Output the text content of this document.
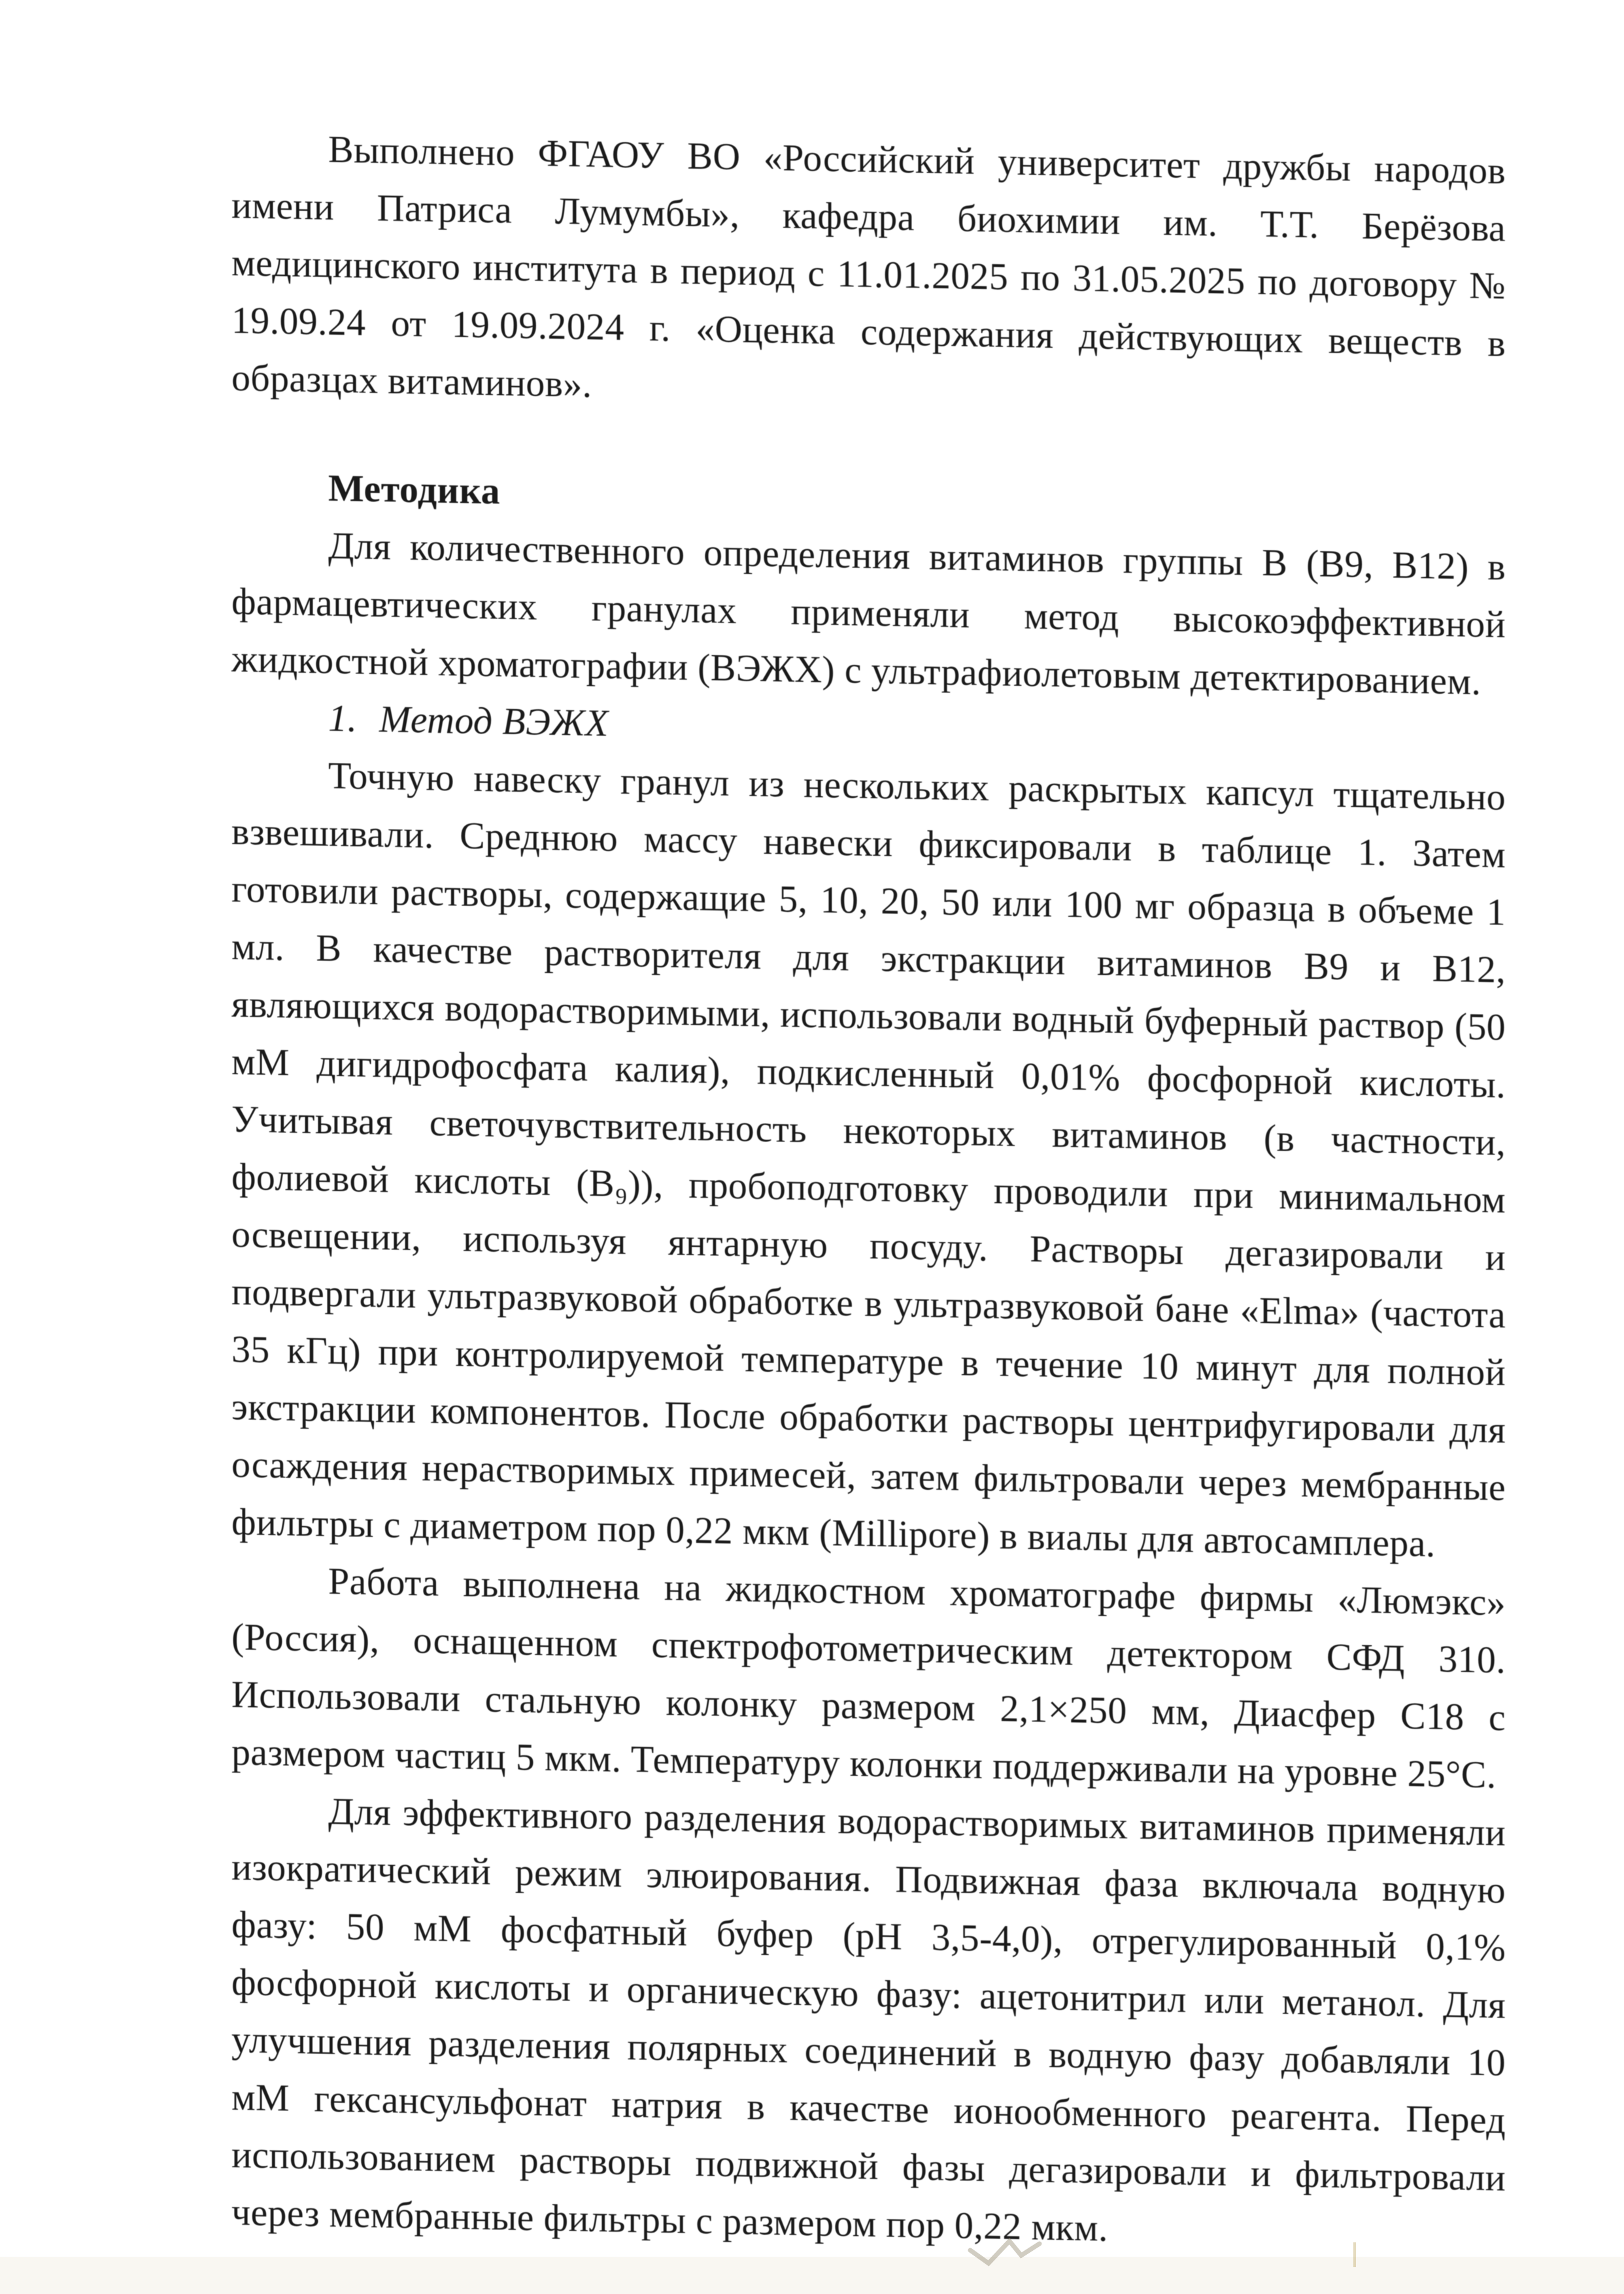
Выполнено ФГАОУ ВО «Российский университет дружбы народов имени Патриса Лумумбы», кафедра биохимии им. Т.Т. Берёзова медицинского института в период с 11.01.2025 по 31.05.2025 по договору № 19.09.24 от 19.09.2024 г. «Оценка содержания действующих веществ в образцах витаминов».

Методика

Для количественного определения витаминов группы В (В9, В12) в фармацевтических гранулах применяли метод высокоэффективной жидкостной хроматографии (ВЭЖХ) с ультрафиолетовым детектированием.

1. Метод ВЭЖХ

Точную навеску гранул из нескольких раскрытых капсул тщательно взвешивали. Среднюю массу навески фиксировали в таблице 1. Затем готовили растворы, содержащие 5, 10, 20, 50 или 100 мг образца в объеме 1 мл. В качестве растворителя для экстракции витаминов В9 и В12, являющихся водорастворимыми, использовали водный буферный раствор (50 мМ дигидрофосфата калия), подкисленный 0,01% фосфорной кислоты. Учитывая светочувствительность некоторых витаминов (в частности, фолиевой кислоты (В₉)), пробоподготовку проводили при минимальном освещении, используя янтарную посуду. Растворы дегазировали и подвергали ультразвуковой обработке в ультразвуковой бане «Elma» (частота 35 кГц) при контролируемой температуре в течение 10 минут для полной экстракции компонентов. После обработки растворы центрифугировали для осаждения нерастворимых примесей, затем фильтровали через мембранные фильтры с диаметром пор 0,22 мкм (Millipore) в виалы для автосамплера.

Работа выполнена на жидкостном хроматографе фирмы «Люмэкс» (Россия), оснащенном спектрофотометрическим детектором СФД 310. Использовали стальную колонку размером 2,1×250 мм, Диасфер С18 с размером частиц 5 мкм. Температуру колонки поддерживали на уровне 25°С.

Для эффективного разделения водорастворимых витаминов применяли изократический режим элюирования. Подвижная фаза включала водную фазу: 50 мМ фосфатный буфер (pH 3,5-4,0), отрегулированный 0,1% фосфорной кислоты и органическую фазу: ацетонитрил или метанол. Для улучшения разделения полярных соединений в водную фазу добавляли 10 мМ гексансульфонат натрия в качестве ионообменного реагента. Перед использованием растворы подвижной фазы дегазировали и фильтровали через мембранные фильтры с размером пор 0,22 мкм.
